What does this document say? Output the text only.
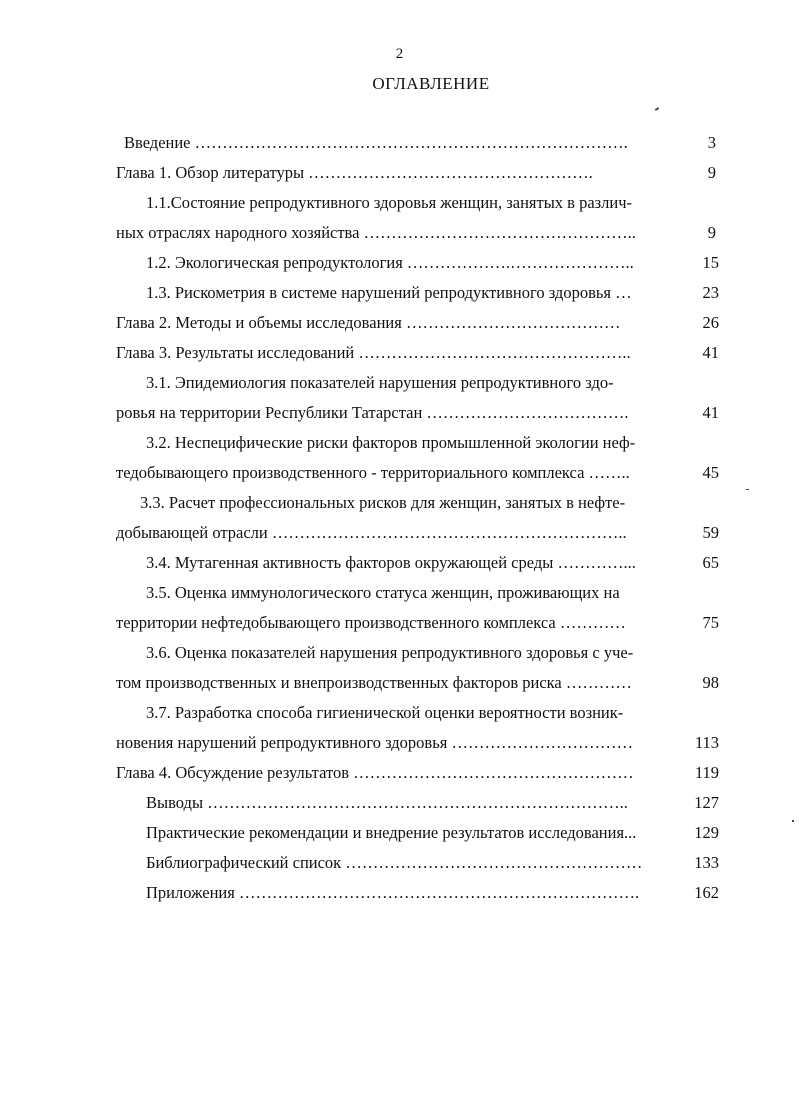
2
ОГЛАВЛЕНИЕ
Введение …………………………………………………………………….	3
Глава 1. Обзор литературы …………………………………………….	9
1.1.Состояние репродуктивного здоровья женщин, занятых в различ-
ных отраслях народного хозяйства …………………………………………..	9
1.2. Экологическая репродуктология ……………….…………………..	15
1.3. Рискометрия в системе нарушений репродуктивного здоровья …	23
Глава 2. Методы и объемы исследования …………………………………	26
Глава 3. Результаты исследований …………………………………………..	41
3.1. Эпидемиология показателей нарушения репродуктивного здо-
ровья на территории Республики Татарстан ……………………………….	41
3.2. Неспецифические риски факторов промышленной экологии неф-
тедобывающего производственного - территориального комплекса ……..	45
3.3. Расчет профессиональных рисков для женщин, занятых в нефте-
добывающей отрасли ………………………………………………………..	59
3.4. Мутагенная активность факторов окружающей среды …………...	65
3.5. Оценка иммунологического статуса женщин, проживающих на
территории нефтедобывающего производственного комплекса …………	75
3.6. Оценка показателей нарушения репродуктивного здоровья с уче-
том производственных и внепроизводственных факторов риска …………	98
3.7. Разработка способа гигиенической оценки вероятности возник-
новения нарушений репродуктивного здоровья ……………………………	113
Глава 4. Обсуждение результатов ……………………………………………	119
Выводы …………………………………………………………………..	127
Практические рекомендации и внедрение результатов исследования...	129
Библиографический список ………………………………………………	133
Приложения ……………………………………………………………….	162
